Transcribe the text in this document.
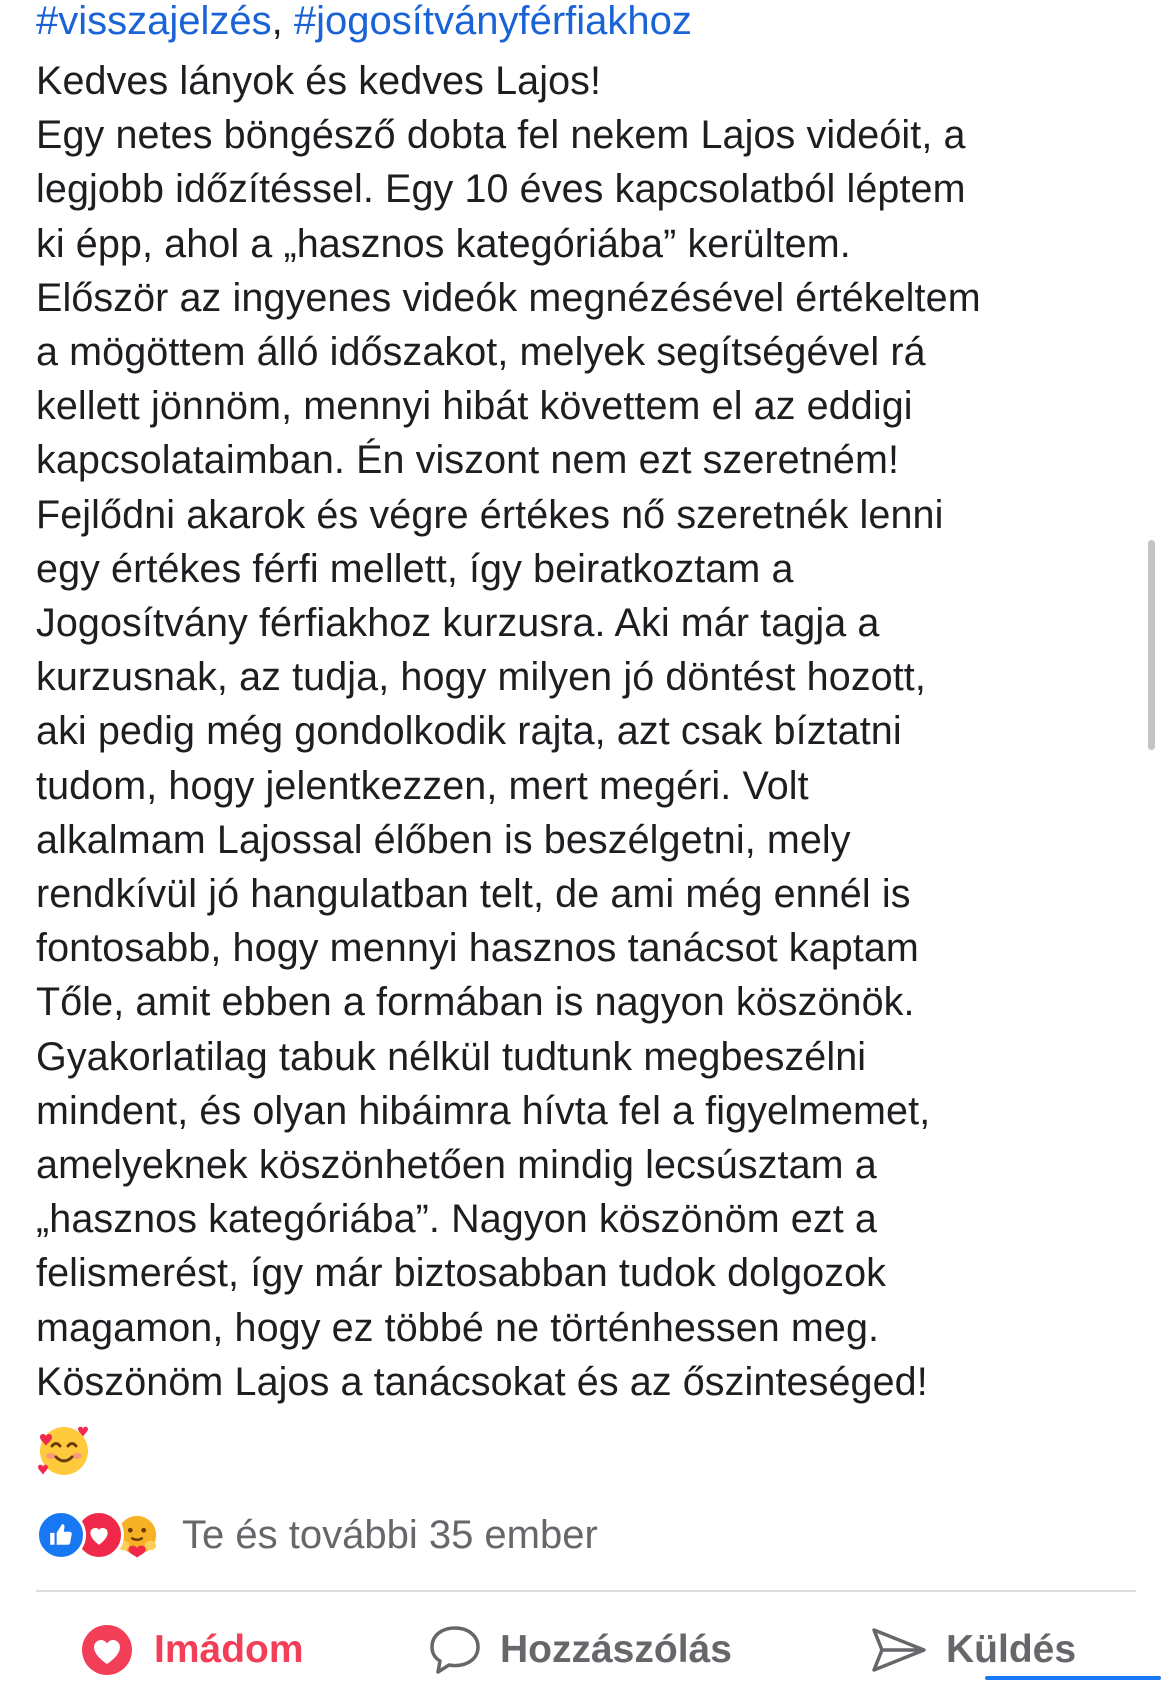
#visszajelzés, #jogosítványférfiakhoz
Kedves lányok és kedves Lajos!
Egy netes böngésző dobta fel nekem Lajos videóit, a
legjobb időzítéssel. Egy 10 éves kapcsolatból léptem
ki épp, ahol a „hasznos kategóriába” kerültem.
Először az ingyenes videók megnézésével értékeltem
a mögöttem álló időszakot, melyek segítségével rá
kellett jönnöm, mennyi hibát követtem el az eddigi
kapcsolataimban. Én viszont nem ezt szeretném!
Fejlődni akarok és végre értékes nő szeretnék lenni
egy értékes férfi mellett, így beiratkoztam a
Jogosítvány férfiakhoz kurzusra. Aki már tagja a
kurzusnak, az tudja, hogy milyen jó döntést hozott,
aki pedig még gondolkodik rajta, azt csak bíztatni
tudom, hogy jelentkezzen, mert megéri. Volt
alkalmam Lajossal élőben is beszélgetni, mely
rendkívül jó hangulatban telt, de ami még ennél is
fontosabb, hogy mennyi hasznos tanácsot kaptam
Tőle, amit ebben a formában is nagyon köszönök.
Gyakorlatilag tabuk nélkül tudtunk megbeszélni
mindent, és olyan hibáimra hívta fel a figyelmemet,
amelyeknek köszönhetően mindig lecsúsztam a
„hasznos kategóriába”. Nagyon köszönöm ezt a
felismerést, így már biztosabban tudok dolgozok
magamon, hogy ez többé ne történhessen meg.
Köszönöm Lajos a tanácsokat és az őszinteséged!
Te és további 35 ember
Imádom	Hozzászólás	Küldés
